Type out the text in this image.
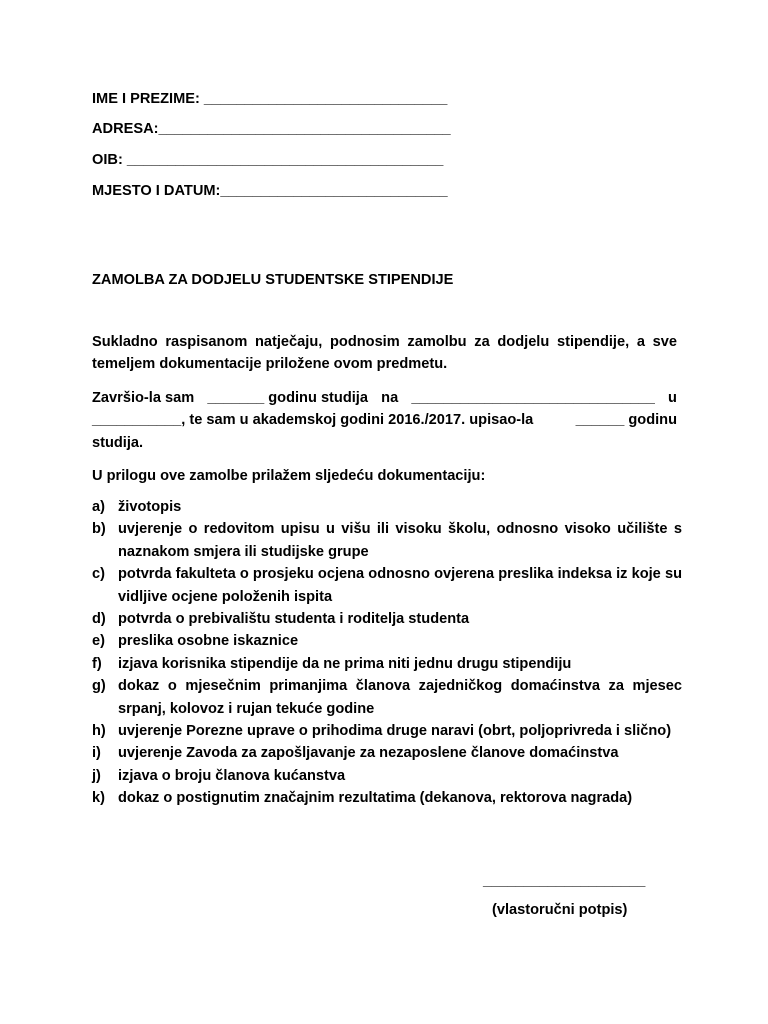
IME I PREZIME: ______________________________
ADRESA:____________________________________
OIB: _______________________________________
MJESTO I DATUM:____________________________
ZAMOLBA ZA DODJELU STUDENTSKE STIPENDIJE
Sukladno raspisanom natječaju, podnosim zamolbu za dodjelu stipendije, a sve
temeljem dokumentacije priložene ovom predmetu.
Završio-la sam _______ godinu studija na ______________________________ u
___________, te sam u akademskoj godini 2016./2017. upisao-la	______ godinu
studija.
U prilogu ove zamolbe prilažem sljedeću dokumentaciju:
a) životopis
b) uvjerenje o redovitom upisu u višu ili visoku školu, odnosno visoko učilište s naznakom smjera ili studijske grupe
c) potvrda fakulteta o prosjeku ocjena odnosno ovjerena preslika indeksa iz koje su vidljive ocjene položenih ispita
d) potvrda o prebivalištu studenta i roditelja studenta
e) preslika osobne iskaznice
f)	izjava korisnika stipendije da ne prima niti jednu drugu stipendiju
g) dokaz o mjesečnim primanjima članova zajedničkog domaćinstva za mjesec srpanj, kolovoz i rujan tekuće godine
h) uvjerenje Porezne uprave o prihodima druge naravi (obrt, poljoprivreda i slično)
i)	uvjerenje Zavoda za zapošljavanje za nezaposlene članove domaćinstva
j)	izjava o broju članova kućanstva
k) dokaz o postignutim značajnim rezultatima (dekanova, rektorova nagrada)
____________________
(vlastoručni potpis)
